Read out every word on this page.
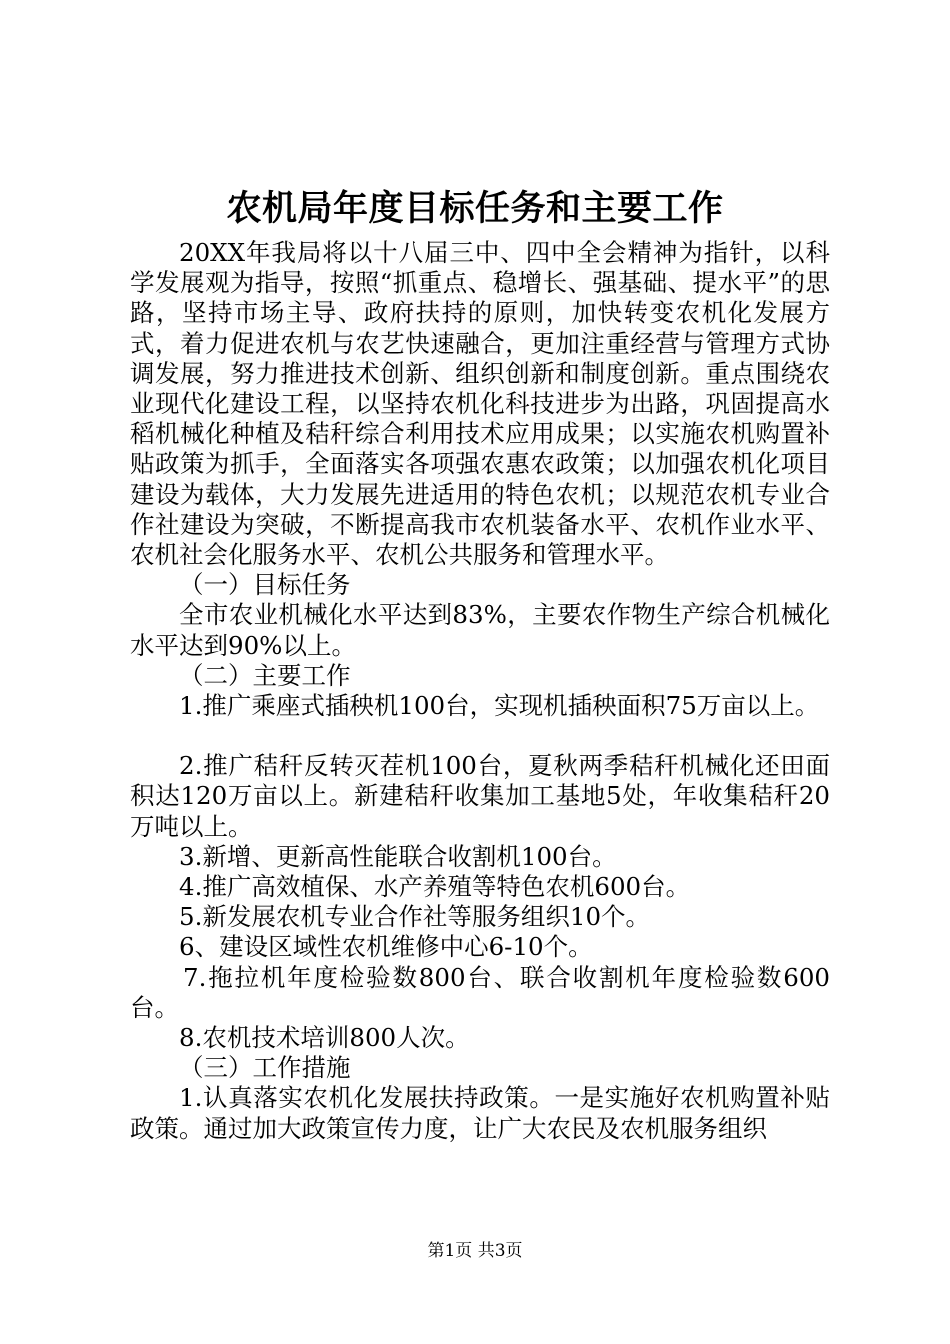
农机局年度目标任务和主要工作

20XX年我局将以十八届三中、四中全会精神为指针，以科学发展观为指导，按照“抓重点、稳增长、强基础、提水平”的思路，坚持市场主导、政府扶持的原则，加快转变农机化发展方式，着力促进农机与农艺快速融合，更加注重经营与管理方式协调发展，努力推进技术创新、组织创新和制度创新。重点围绕农业现代化建设工程，以坚持农机化科技进步为出路，巩固提高水稻机械化种植及秸秆综合利用技术应用成果；以实施农机购置补贴政策为抓手，全面落实各项强农惠农政策；以加强农机化项目建设为载体，大力发展先进适用的特色农机；以规范农机专业合作社建设为突破，不断提高我市农机装备水平、农机作业水平、农机社会化服务水平、农机公共服务和管理水平。

（一）目标任务

全市农业机械化水平达到83%，主要农作物生产综合机械化水平达到90%以上。

（二）主要工作

1.推广乘座式插秧机100台，实现机插秧面积75万亩以上。

2.推广秸秆反转灭茬机100台，夏秋两季秸秆机械化还田面积达120万亩以上。新建秸秆收集加工基地5处，年收集秸秆20万吨以上。

3.新增、更新高性能联合收割机100台。

4.推广高效植保、水产养殖等特色农机600台。

5.新发展农机专业合作社等服务组织10个。

6、建设区域性农机维修中心6-10个。

7.拖拉机年度检验数800台、联合收割机年度检验数600台。

8.农机技术培训800人次。

（三）工作措施

1.认真落实农机化发展扶持政策。一是实施好农机购置补贴政策。通过加大政策宣传力度，让广大农民及农机服务组织

第1页 共3页
